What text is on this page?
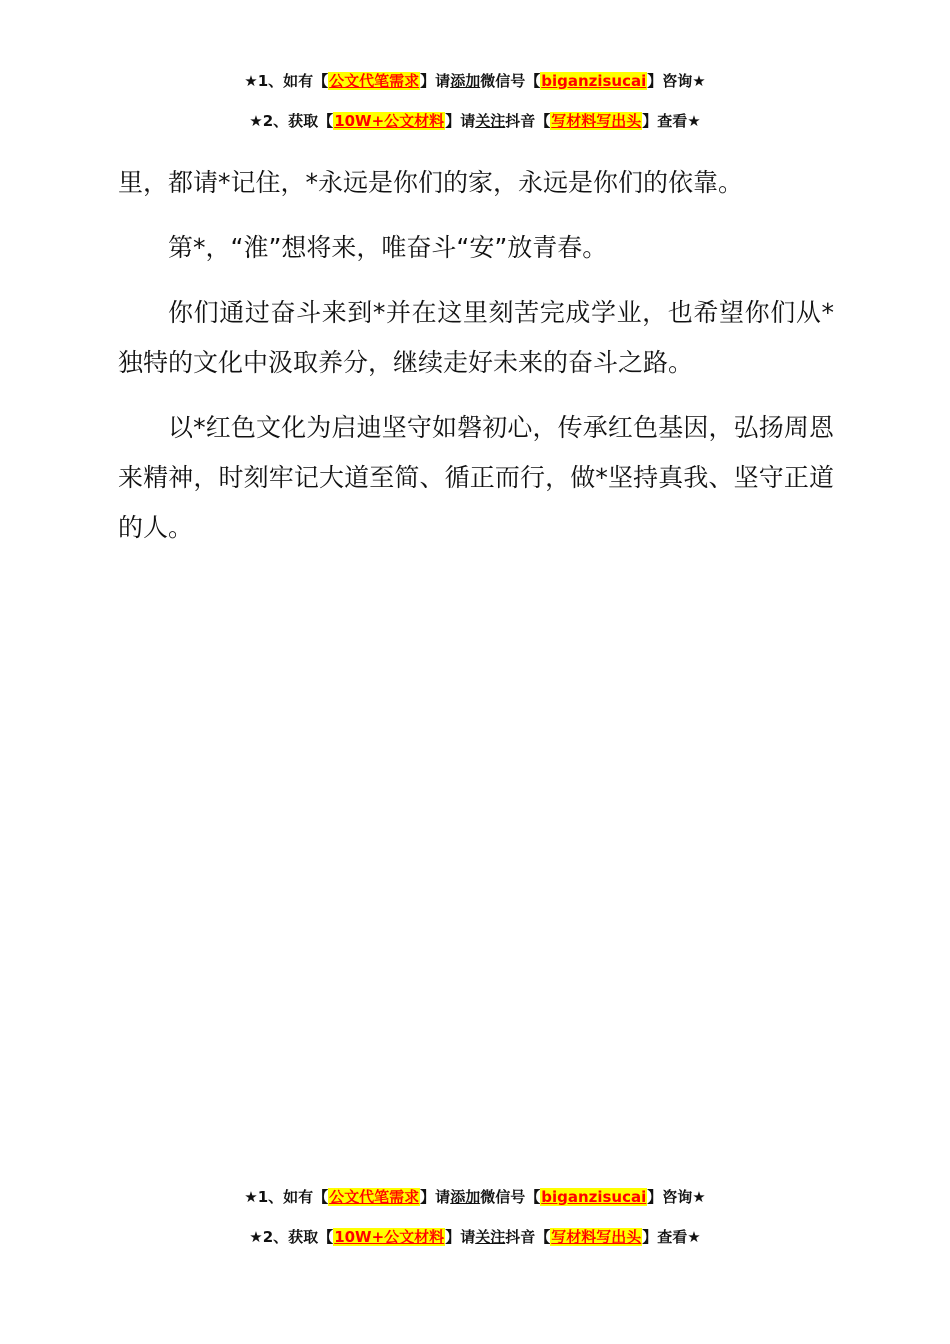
★1、如有【公文代笔需求】请添加微信号【biganzisucai】咨询★
★2、获取【10W+公文材料】请关注抖音【写材料写出头】查看★

里，都请*记住，*永远是你们的家，永远是你们的依靠。

第*，“淮”想将来，唯奋斗“安”放青春。

你们通过奋斗来到*并在这里刻苦完成学业，也希望你们从*独特的文化中汲取养分，继续走好未来的奋斗之路。

以*红色文化为启迪坚守如磐初心，传承红色基因，弘扬周恩来精神，时刻牢记大道至简、循正而行，做*坚持真我、坚守正道的人。

★1、如有【公文代笔需求】请添加微信号【biganzisucai】咨询★
★2、获取【10W+公文材料】请关注抖音【写材料写出头】查看★
